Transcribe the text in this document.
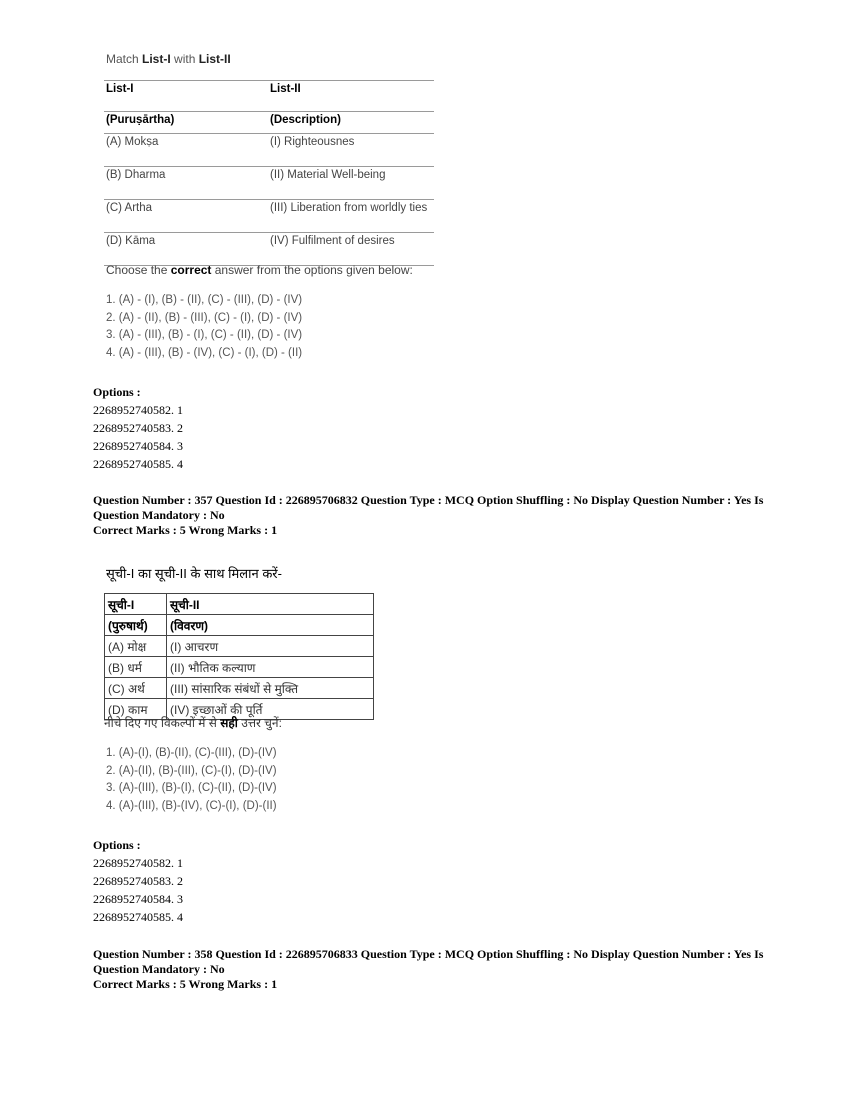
Match List-I with List-II
List-I	List-II
(Puruṣārtha)	(Description)
(A) Mokṣa	(I) Righteousnes
(B) Dharma	(II) Material Well-being
(C) Artha	(III) Liberation from worldly ties
(D) Kāma	(IV) Fulfilment of desires
Choose the correct answer from the options given below:
1. (A) - (I), (B) - (II), (C) - (III), (D) - (IV)
2. (A) - (II), (B) - (III), (C) - (I), (D) - (IV)
3. (A) - (III), (B) - (I), (C) - (II), (D) - (IV)
4. (A) - (III), (B) - (IV), (C) - (I), (D) - (II)
Options :
2268952740582. 1
2268952740583. 2
2268952740584. 3
2268952740585. 4
Question Number : 357 Question Id : 226895706832 Question Type : MCQ Option Shuffling : No Display Question Number : Yes Is
Question Mandatory : No
Correct Marks : 5 Wrong Marks : 1
सूची-I का सूची-II के साथ मिलान करें-
सूची-I	सूची-II
(पुरुषार्थ)	(विवरण)
(A) मोक्ष	(I) आचरण
(B) धर्म	(II) भौतिक कल्याण
(C) अर्थ	(III) सांसारिक संबंधों से मुक्ति
(D) काम	(IV) इच्छाओं की पूर्ति
नीचे दिए गए विकल्पों में से सही उत्तर चुनें:
1. (A)-(I), (B)-(II), (C)-(III), (D)-(IV)
2. (A)-(II), (B)-(III), (C)-(I), (D)-(IV)
3. (A)-(III), (B)-(I), (C)-(II), (D)-(IV)
4. (A)-(III), (B)-(IV), (C)-(I), (D)-(II)
Options :
2268952740582. 1
2268952740583. 2
2268952740584. 3
2268952740585. 4
Question Number : 358 Question Id : 226895706833 Question Type : MCQ Option Shuffling : No Display Question Number : Yes Is
Question Mandatory : No
Correct Marks : 5 Wrong Marks : 1
